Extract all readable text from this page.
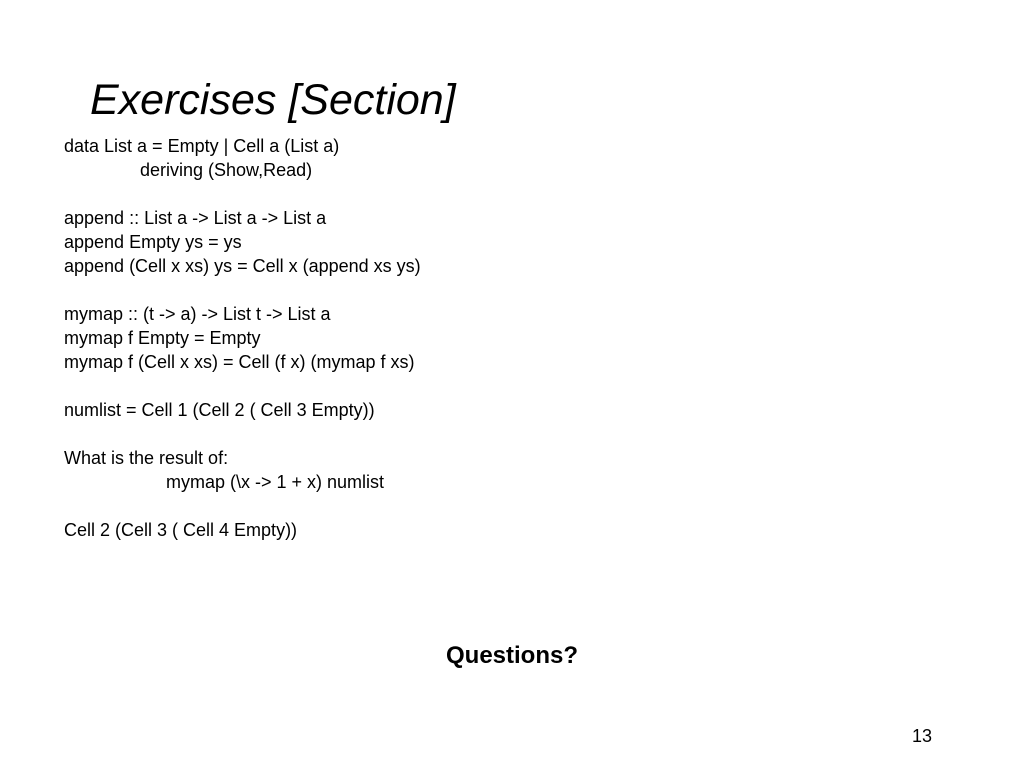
Exercises [Section]
data List a = Empty | Cell a (List a)
deriving (Show,Read)
append :: List a -> List a -> List a
append Empty ys = ys
append (Cell x xs) ys = Cell x (append xs ys)
mymap :: (t -> a) -> List t -> List a
mymap f Empty = Empty
mymap f (Cell x xs) = Cell (f x) (mymap f xs)
numlist = Cell 1 (Cell 2 ( Cell 3 Empty))
What is the result of:
mymap (\x -> 1 + x) numlist
Cell 2 (Cell 3 ( Cell 4 Empty))
Questions?
13
